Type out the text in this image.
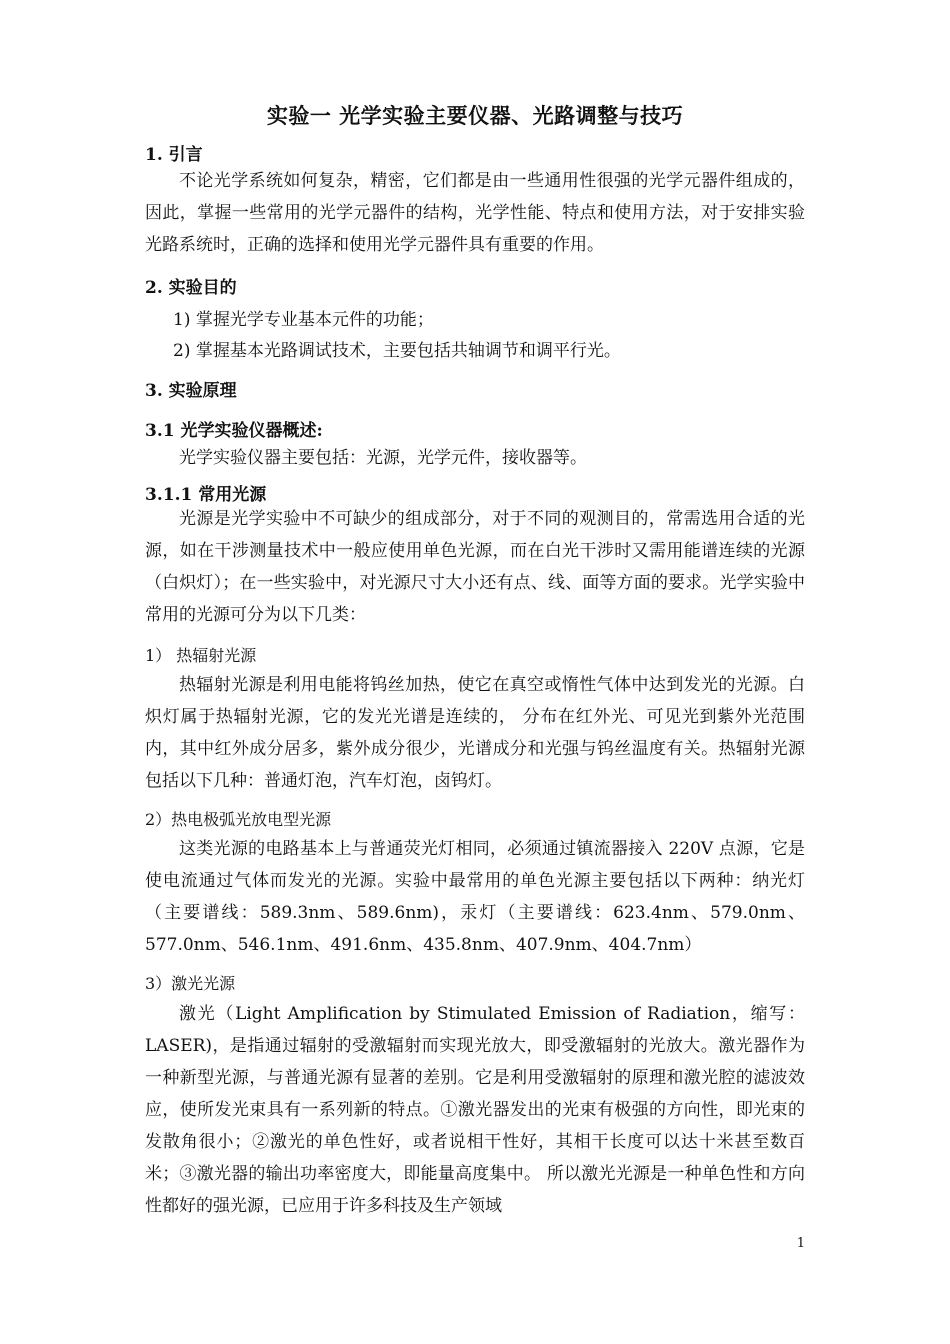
实验一 光学实验主要仪器、光路调整与技巧
1. 引言
不论光学系统如何复杂，精密，它们都是由一些通用性很强的光学元器件组成的，因此，掌握一些常用的光学元器件的结构，光学性能、特点和使用方法，对于安排实验光路系统时，正确的选择和使用光学元器件具有重要的作用。
2. 实验目的
1) 掌握光学专业基本元件的功能；
2) 掌握基本光路调试技术，主要包括共轴调节和调平行光。
3. 实验原理
3.1 光学实验仪器概述:
光学实验仪器主要包括：光源，光学元件，接收器等。
3.1.1 常用光源
光源是光学实验中不可缺少的组成部分，对于不同的观测目的，常需选用合适的光源，如在干涉测量技术中一般应使用单色光源，而在白光干涉时又需用能谱连续的光源（白炽灯）；在一些实验中，对光源尺寸大小还有点、线、面等方面的要求。光学实验中常用的光源可分为以下几类：
1） 热辐射光源
热辐射光源是利用电能将钨丝加热，使它在真空或惰性气体中达到发光的光源。白炽灯属于热辐射光源，它的发光光谱是连续的， 分布在红外光、可见光到紫外光范围内，其中红外成分居多，紫外成分很少，光谱成分和光强与钨丝温度有关。热辐射光源包括以下几种：普通灯泡，汽车灯泡，卤钨灯。
2）热电极弧光放电型光源
这类光源的电路基本上与普通荧光灯相同，必须通过镇流器接入 220V 点源，它是使电流通过气体而发光的光源。实验中最常用的单色光源主要包括以下两种：纳光灯（主要谱线：589.3nm、589.6nm)，汞灯（主要谱线：623.4nm、579.0nm、577.0nm、546.1nm、491.6nm、435.8nm、407.9nm、404.7nm）
3）激光光源
激光（Light Amplification by Stimulated Emission of Radiation，缩写：LASER)，是指通过辐射的受激辐射而实现光放大，即受激辐射的光放大。激光器作为一种新型光源，与普通光源有显著的差别。它是利用受激辐射的原理和激光腔的滤波效应，使所发光束具有一系列新的特点。①激光器发出的光束有极强的方向性，即光束的发散角很小；②激光的单色性好，或者说相干性好，其相干长度可以达十米甚至数百米；③激光器的输出功率密度大，即能量高度集中。 所以激光光源是一种单色性和方向性都好的强光源，已应用于许多科技及生产领域
1
